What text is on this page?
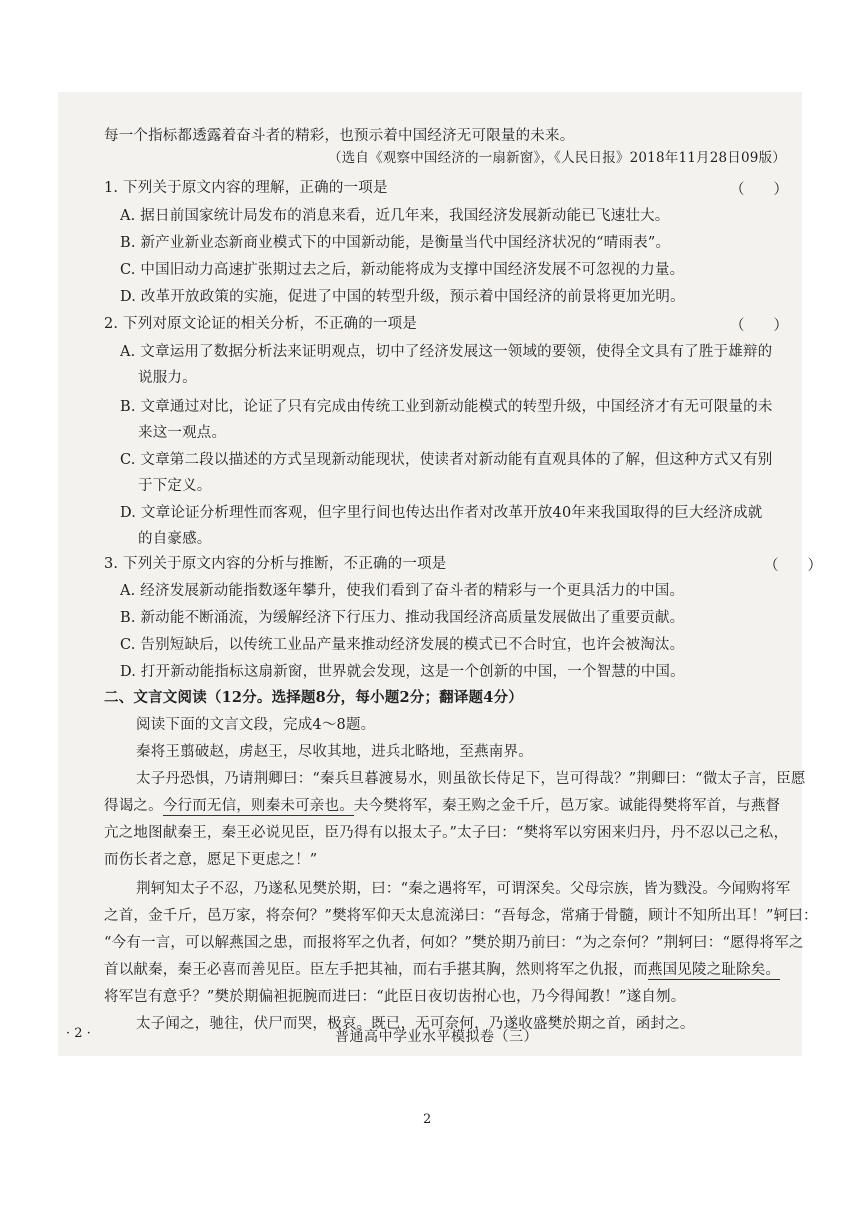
每一个指标都透露着奋斗者的精彩，也预示着中国经济无可限量的未来。
（选自《观察中国经济的一扇新窗》，《人民日报》2018年11月28日09版）
1. 下列关于原文内容的理解，正确的一项是	（　　）
A. 据日前国家统计局发布的消息来看，近几年来，我国经济发展新动能已飞速壮大。
B. 新产业新业态新商业模式下的中国新动能，是衡量当代中国经济状况的“晴雨表”。
C. 中国旧动力高速扩张期过去之后，新动能将成为支撑中国经济发展不可忽视的力量。
D. 改革开放政策的实施，促进了中国的转型升级，预示着中国经济的前景将更加光明。
2. 下列对原文论证的相关分析，不正确 • •的一项是	（　　）
A. 文章运用了数据分析法来证明观点，切中了经济发展这一领域的要领，使得全文具有了胜于雄辩的
说服力。
B. 文章通过对比，论证了只有完成由传统工业到新动能模式的转型升级，中国经济才有无可限量的未
来这一观点。
C. 文章第二段以描述的方式呈现新动能现状，使读者对新动能有直观具体的了解，但这种方式又有别
于下定义。
D. 文章论证分析理性而客观，但字里行间也传达出作者对改革开放40年来我国取得的巨大经济成就
的自豪感。
3. 下列关于原文内容的分析与推断，不正确 • •的一项是	（　　）
A. 经济发展新动能指数逐年攀升，使我们看到了奋斗者的精彩与一个更具活力的中国。
B. 新动能不断涌流，为缓解经济下行压力、推动我国经济高质量发展做出了重要贡献。
C. 告别短缺后，以传统工业品产量来推动经济发展的模式已不合时宜，也许会被淘汰。
D. 打开新动能指标这扇新窗，世界就会发现，这是一个创新的中国，一个智慧的中国。
二、文言文阅读（12分。选择题8分，每小题2分；翻译题4分）
阅读下面的文言文段，完成4～8题。
秦将王翦破赵，虏赵王，尽收其地，进兵北略地，至燕南界。
太子丹恐惧，乃请荆卿曰：“秦兵旦暮渡易水，则虽欲长侍足下，岂可得哉？”荆卿曰：“微太子言，臣愿
得谒之。今行而无信，则秦未可亲也。夫今樊将军，秦王购之金千斤，邑万家。诚能得樊将军首，与燕督
亢之地图献秦王，秦王必说见臣，臣乃得有以报太子。”太子曰：“樊将军以穷困来归丹，丹不忍以己之私，
而伤长者之意，愿足下更虑之！”
荆轲知太子不忍，乃遂私见樊於期，曰：“秦之遇将军，可谓深矣。父母宗族，皆为戮没。今闻购将军
之首，金千斤，邑万家，将奈何？”樊将军仰天太息流涕曰：“吾每念，常痛于骨髓，顾计不知所出耳！”轲曰：
“今有一言，可以解燕国之患，而报将军之仇者，何如？”樊於期乃前曰：“为之奈何？”荆轲曰：“愿得将军之
首以献秦，秦王必喜而善见臣。臣左手把其袖，而右手揕其胸，然则将军之仇报，而燕国见陵之耻除矣。
将军岂有意乎？”樊於期偏袒扼腕而进曰：“此臣日夜切齿拊心也，乃今得闻教！”遂自刎。
太子闻之，驰往，伏尸而哭，极哀。既已，无可奈何，乃遂收盛樊於期之首，函封之。
· 2 ·	普通高中学业水平模拟卷（三）
2
